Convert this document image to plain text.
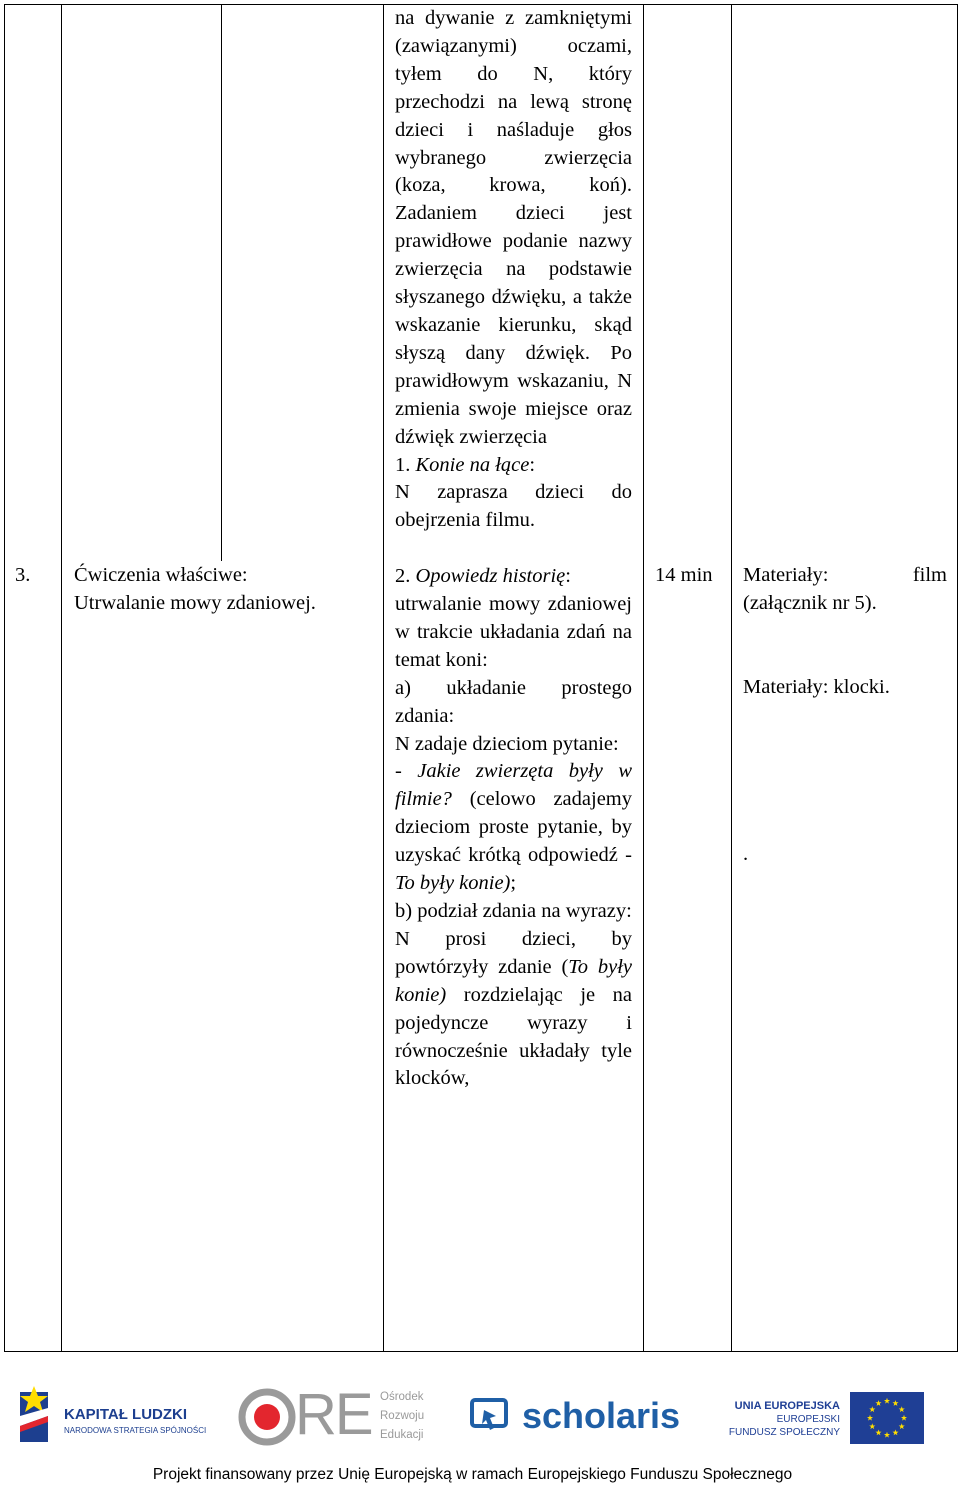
3. Ćwiczenia właściwe:

Utrwalanie mowy zdaniowej.

na dywanie z zamkniętymi (zawiązanymi) oczami, tyłem do N, który przechodzi na lewą stronę dzieci i naśladuje głos wybranego zwierzęcia (koza, krowa, koń). Zadaniem dzieci jest prawidłowe podanie nazwy zwierzęcia na podstawie słyszanego dźwięku, a także wskazanie kierunku, skąd słyszą dany dźwięk. Po prawidłowym wskazaniu, N zmienia swoje miejsce oraz dźwięk zwierzęcia

1. Konie na łące:

N zaprasza dzieci do obejrzenia filmu.

2. Opowiedz historię:

utrwalanie mowy zdaniowej w trakcie układania zdań na temat koni:

a) układanie prostego zdania:

N zadaje dzieciom pytanie:

- Jakie zwierzęta były w filmie? (celowo zadajemy dzieciom proste pytanie, by uzyskać krótką odpowiedź - To były konie);

b) podział zdania na wyrazy:

N prosi dzieci, by powtórzyły zdanie (To były konie) rozdzielając je na pojedyncze wyrazy i równocześnie układały tyle klocków,

14 min Materiały: film (załącznik nr 5).

Materiały: klocki.
.
KAPITAŁ LUDZKI
NARODOWA STRATEGIA SPÓJNOŚCI RE Ośrodek
Rozwoju
Edukacji	scholaris	UNIA EUROPEJSKA
EUROPEJSKI
FUNDUSZ SPOŁECZNY
Projekt finansowany przez Unię Europejską w ramach Europejskiego Funduszu Społecznego
